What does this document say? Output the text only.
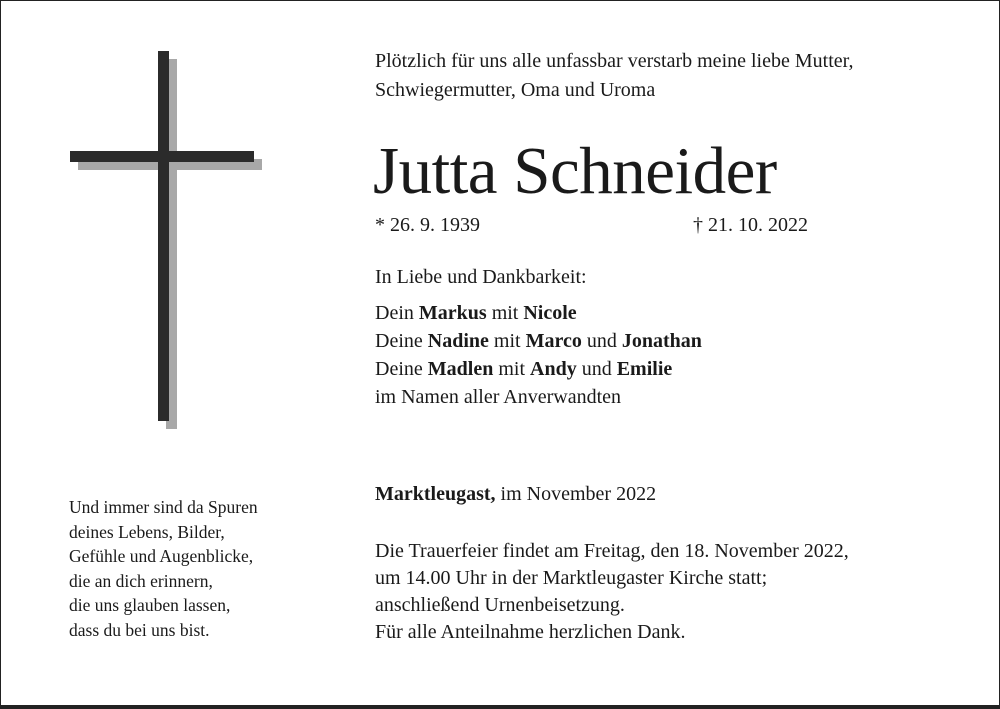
Plötzlich für uns alle unfassbar verstarb meine liebe Mutter,
Schwiegermutter, Oma und Uroma
Jutta Schneider
* 26. 9. 1939	† 21. 10. 2022
In Liebe und Dankbarkeit:
Dein Markus mit Nicole
Deine Nadine mit Marco und Jonathan
Deine Madlen mit Andy und Emilie
im Namen aller Anverwandten
Marktleugast, im November 2022
Die Trauerfeier findet am Freitag, den 18. November 2022,
um 14.00 Uhr in der Marktleugaster Kirche statt;
anschließend Urnenbeisetzung.
Für alle Anteilnahme herzlichen Dank.
Und immer sind da Spuren
deines Lebens, Bilder,
Gefühle und Augenblicke,
die an dich erinnern,
die uns glauben lassen,
dass du bei uns bist.
